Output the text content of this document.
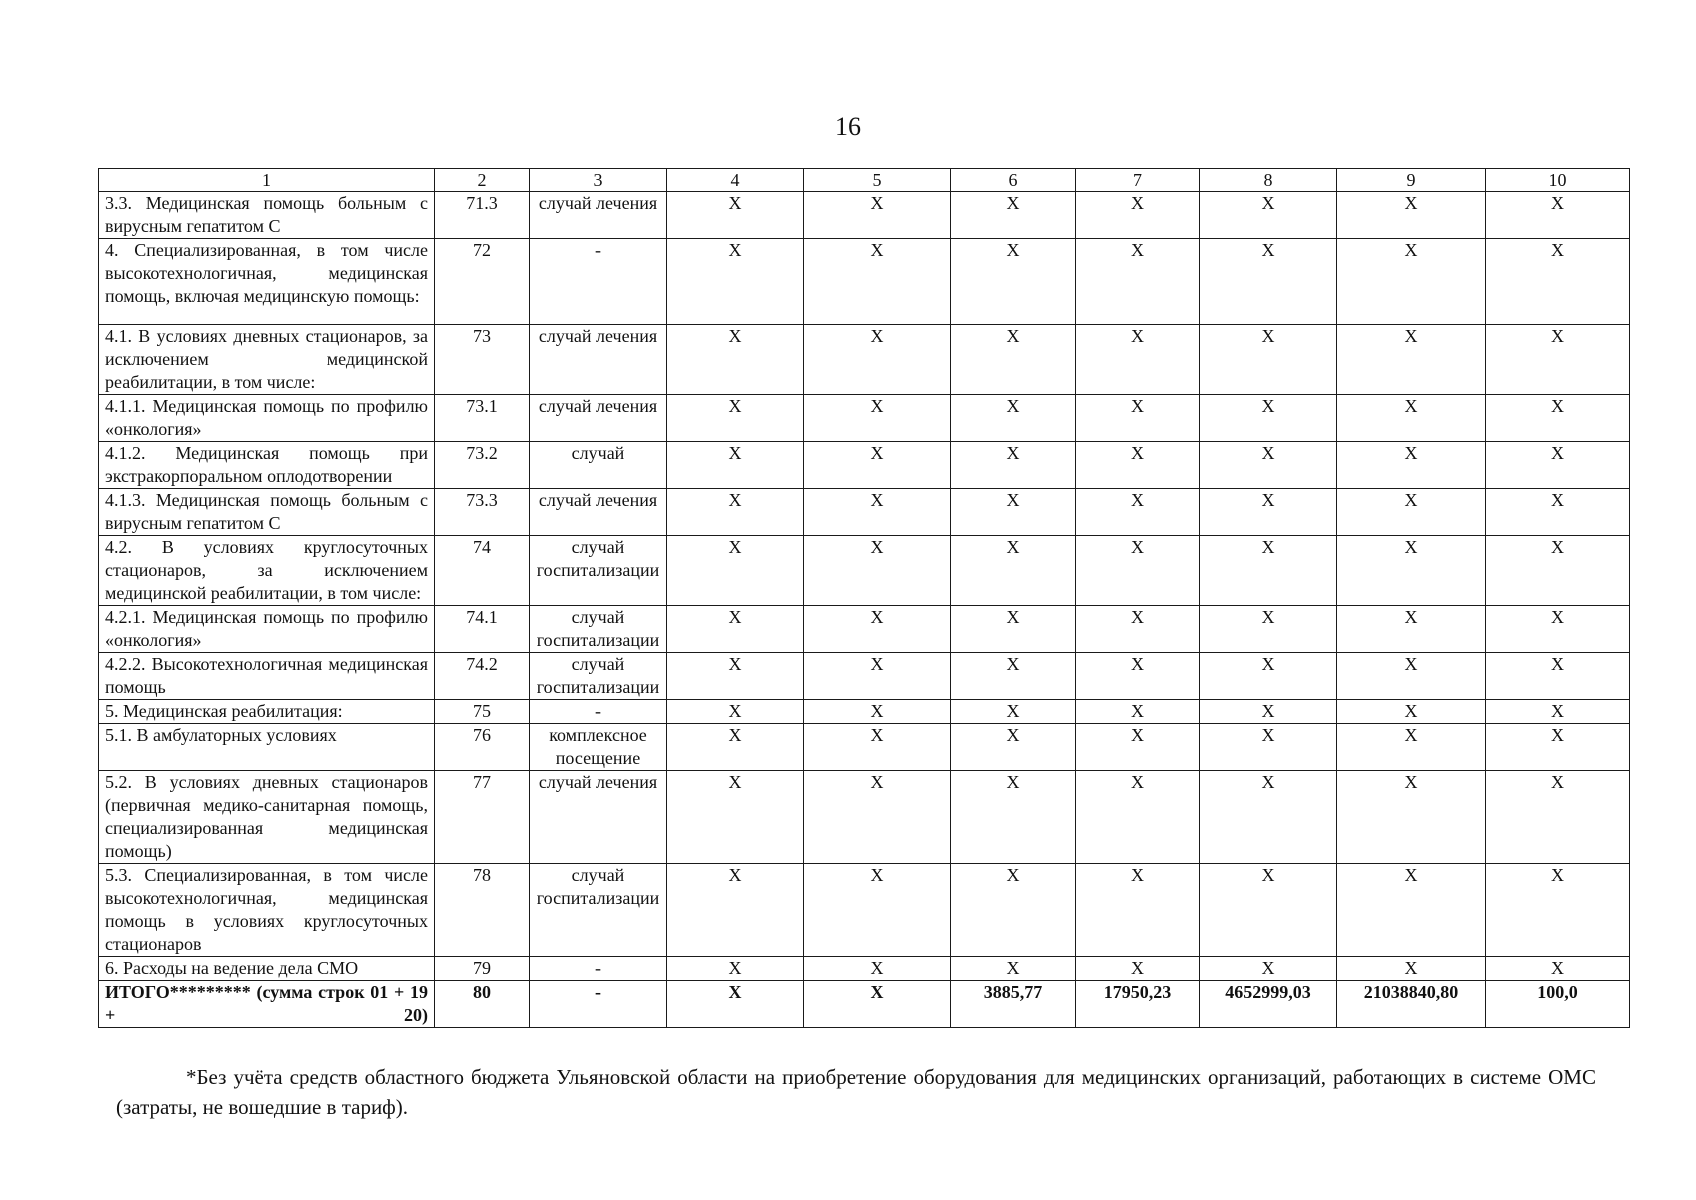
16
1	2	3	4	5	6	7	8	9	10
3.3. Медицинская помощь больным с вирусным гепатитом С	71.3	случай лечения	Х	Х	Х	Х	Х	Х	Х
4. Специализированная, в том числе высокотехнологичная, медицинская помощь, включая медицинскую помощь:	72	-	Х	Х	Х	Х	Х	Х	Х
4.1. В условиях дневных стационаров, за исключением медицинской реабилитации, в том числе:	73	случай лечения	Х	Х	Х	Х	Х	Х	Х
4.1.1. Медицинская помощь по профилю «онкология»	73.1	случай лечения	Х	Х	Х	Х	Х	Х	Х
4.1.2. Медицинская помощь при экстракорпоральном оплодотворении	73.2	случай	Х	Х	Х	Х	Х	Х	Х
4.1.3. Медицинская помощь больным с вирусным гепатитом С	73.3	случай лечения	Х	Х	Х	Х	Х	Х	Х
4.2. В условиях круглосуточных стационаров, за исключением медицинской реабилитации, в том числе:	74	случай госпитализации	Х	Х	Х	Х	Х	Х	Х
4.2.1. Медицинская помощь по профилю «онкология»	74.1	случай госпитализации	Х	Х	Х	Х	Х	Х	Х
4.2.2. Высокотехнологичная медицинская помощь	74.2	случай госпитализации	Х	Х	Х	Х	Х	Х	Х
5. Медицинская реабилитация:	75	-	Х	Х	Х	Х	Х	Х	Х
5.1. В амбулаторных условиях	76	комплексное посещение	Х	Х	Х	Х	Х	Х	Х
5.2. В условиях дневных стационаров (первичная медико-санитарная помощь, специализированная медицинская помощь)	77	случай лечения	Х	Х	Х	Х	Х	Х	Х
5.3. Специализированная, в том числе высокотехнологичная, медицинская помощь в условиях круглосуточных стационаров	78	случай госпитализации	Х	Х	Х	Х	Х	Х	Х
6. Расходы на ведение дела СМО	79	-	Х	Х	Х	Х	Х	Х	Х
ИТОГО********* (сумма строк 01 + 19 + 20)	80	-	Х	Х	3885,77	17950,23	4652999,03	21038840,80	100,0
*Без учёта средств областного бюджета Ульяновской области на приобретение оборудования для медицинских организаций, работающих в системе ОМС (затраты, не вошедшие в тариф).
